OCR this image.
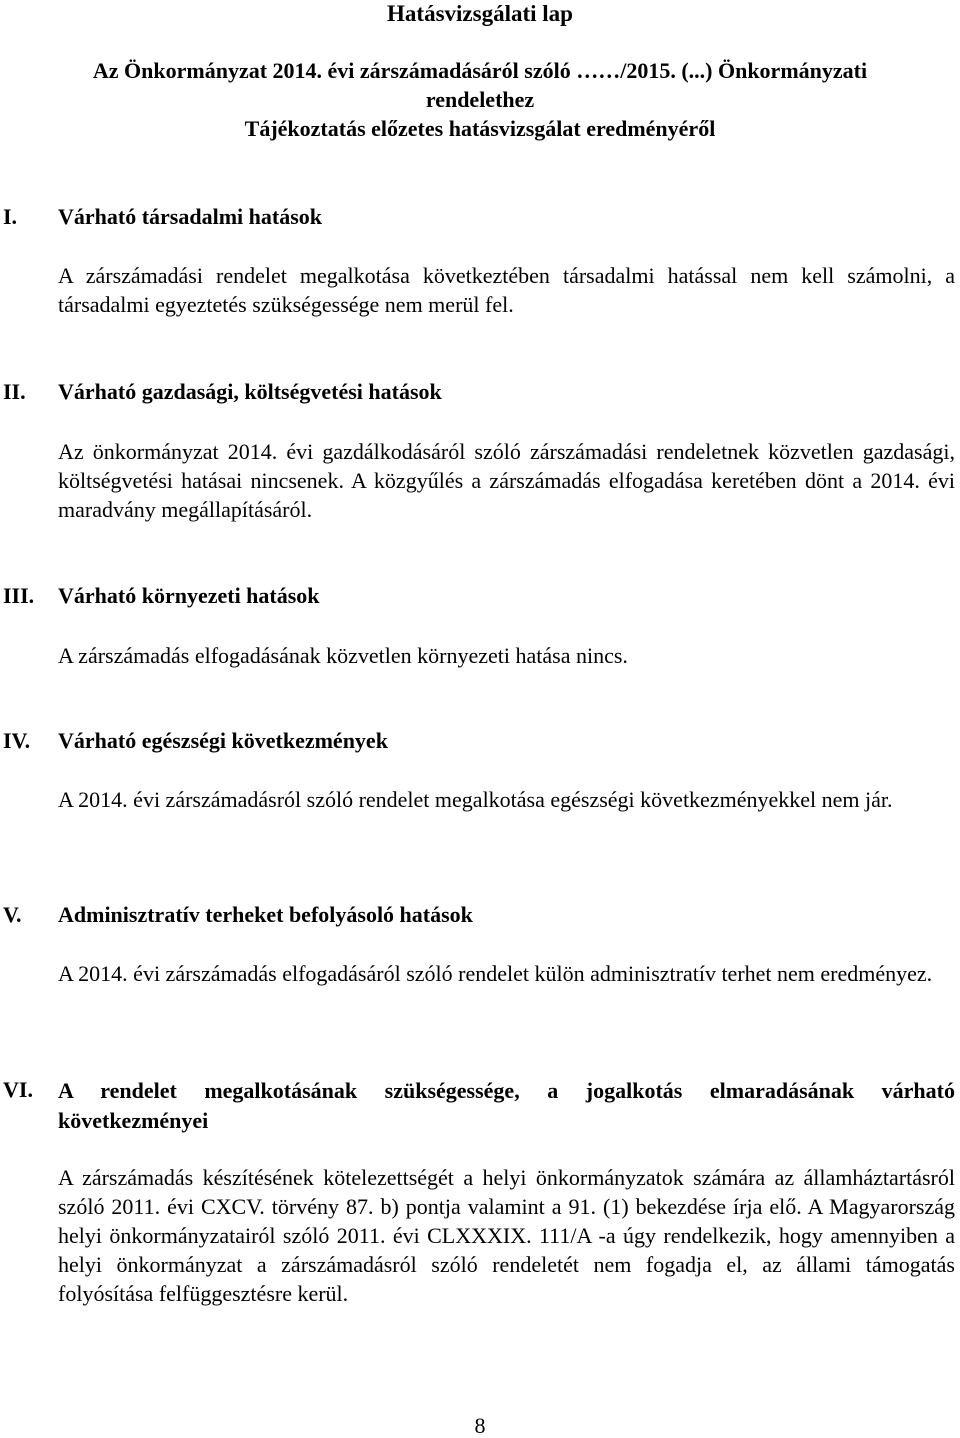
Hatásvizsgálati lap

Az Önkormányzat 2014. évi zárszámadásáról szóló ……/2015. (...) Önkormányzati

rendelethez

Tájékoztatás előzetes hatásvizsgálat eredményéről

I. Várható társadalmi hatások

A zárszámadási rendelet megalkotása következtében társadalmi hatással nem kell számolni, a társadalmi egyeztetés szükségessége nem merül fel.

II. Várható gazdasági, költségvetési hatások

Az önkormányzat 2014. évi gazdálkodásáról szóló zárszámadási rendeletnek közvetlen gazdasági, költségvetési hatásai nincsenek. A közgyűlés a zárszámadás elfogadása keretében dönt a 2014. évi maradvány megállapításáról.

III. Várható környezeti hatások

A zárszámadás elfogadásának közvetlen környezeti hatása nincs.

IV. Várható egészségi következmények

A 2014. évi zárszámadásról szóló rendelet megalkotása egészségi következményekkel nem jár.

V. Adminisztratív terheket befolyásoló hatások

A 2014. évi zárszámadás elfogadásáról szóló rendelet külön adminisztratív terhet nem eredményez.

VI. A rendelet megalkotásának szükségessége, a jogalkotás elmaradásának várható következményei

A zárszámadás készítésének kötelezettségét a helyi önkormányzatok számára az államháztartásról szóló 2011. évi CXCV. törvény 87. b) pontja valamint a 91. (1) bekezdése írja elő. A Magyarország helyi önkormányzatairól szóló 2011. évi CLXXXIX. 111/A -a úgy rendelkezik, hogy amennyiben a helyi önkormányzat a zárszámadásról szóló rendeletét nem fogadja el, az állami támogatás folyósítása felfüggesztésre kerül.

8
